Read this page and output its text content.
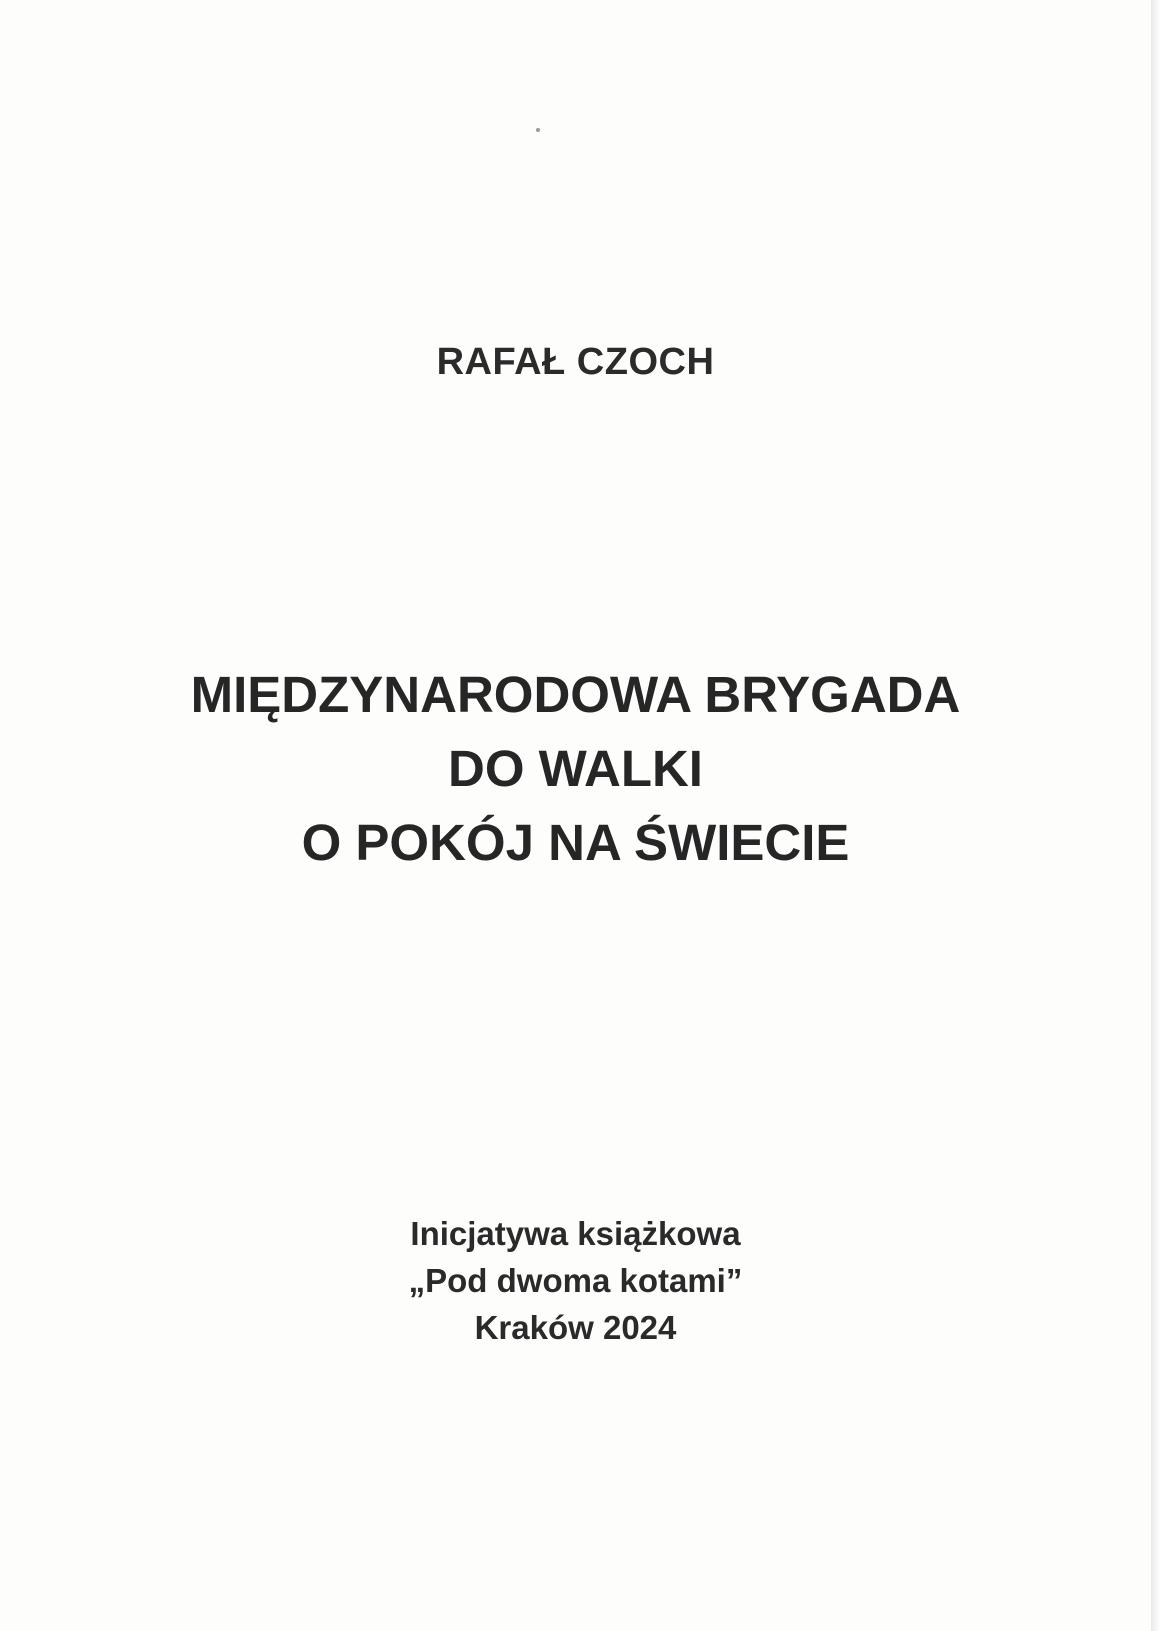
RAFAŁ CZOCH
MIĘDZYNARODOWA BRYGADA
DO WALKI
O POKÓJ NA ŚWIECIE
Inicjatywa książkowa
„Pod dwoma kotami”
Kraków 2024
